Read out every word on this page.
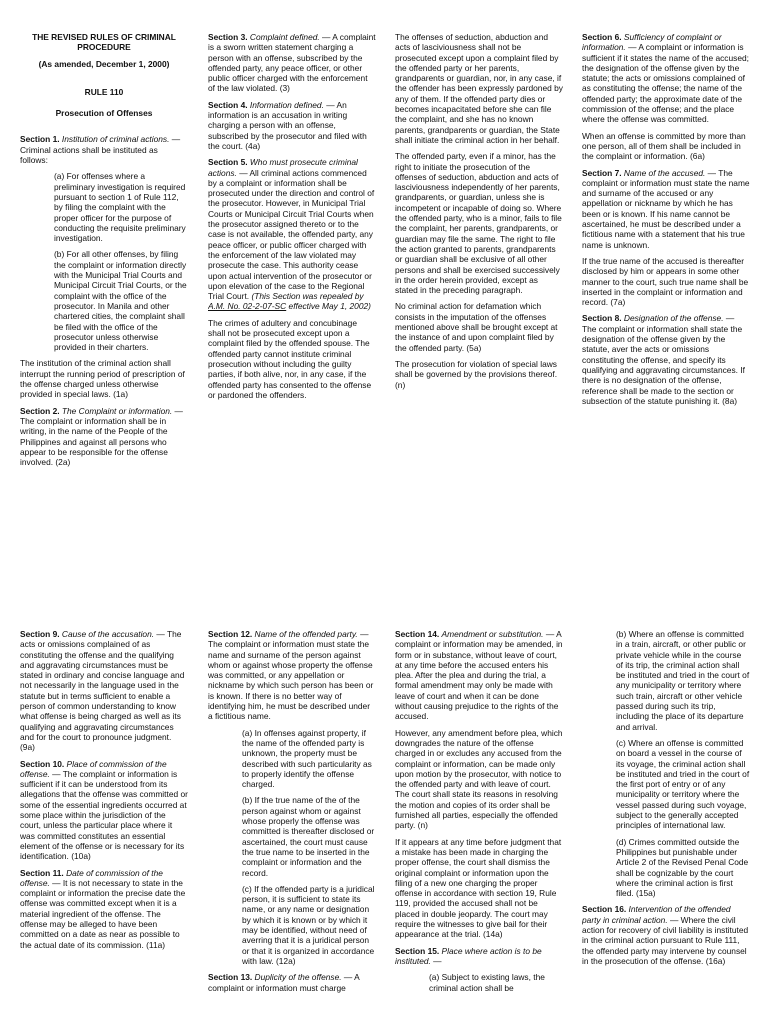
THE REVISED RULES OF CRIMINAL PROCEDURE

(As amended, December 1, 2000)

RULE 110

Prosecution of Offenses

Section 1. Institution of criminal actions. — Criminal actions shall be instituted as follows:

(a) For offenses where a preliminary investigation is required pursuant to section 1 of Rule 112, by filing the complaint with the proper officer for the purpose of conducting the requisite preliminary investigation.

(b) For all other offenses, by filing the complaint or information directly with the Municipal Trial Courts and Municipal Circuit Trial Courts, or the complaint with the office of the prosecutor. In Manila and other chartered cities, the complaint shall be filed with the office of the prosecutor unless otherwise provided in their charters.

The institution of the criminal action shall interrupt the running period of prescription of the offense charged unless otherwise provided in special laws. (1a)

Section 2. The Complaint or information. — The complaint or information shall be in writing, in the name of the People of the Philippines and against all persons who appear to be responsible for the offense involved. (2a)

Section 3. Complaint defined. — A complaint is a sworn written statement charging a person with an offense, subscribed by the offended party, any peace officer, or other public officer charged with the enforcement of the law violated. (3)

Section 4. Information defined. — An information is an accusation in writing charging a person with an offense, subscribed by the prosecutor and filed with the court. (4a)

Section 5. Who must prosecute criminal actions. — All criminal actions commenced by a complaint or information shall be prosecuted under the direction and control of the prosecutor. However, in Municipal Trial Courts or Municipal Circuit Trial Courts when the prosecutor assigned thereto or to the case is not available, the offended party, any peace officer, or public officer charged with the enforcement of the law violated may prosecute the case. This authority cease upon actual intervention of the prosecutor or upon elevation of the case to the Regional Trial Court. (This Section was repealed by A.M. No. 02-2-07-SC effective May 1, 2002)

The crimes of adultery and concubinage shall not be prosecuted except upon a complaint filed by the offended spouse. The offended party cannot institute criminal prosecution without including the guilty parties, if both alive, nor, in any case, if the offended party has consented to the offense or pardoned the offenders.

The offenses of seduction, abduction and acts of lasciviousness shall not be prosecuted except upon a complaint filed by the offended party or her parents, grandparents or guardian, nor, in any case, if the offender has been expressly pardoned by any of them. If the offended party dies or becomes incapacitated before she can file the complaint, and she has no known parents, grandparents or guardian, the State shall initiate the criminal action in her behalf.

The offended party, even if a minor, has the right to initiate the prosecution of the offenses of seduction, abduction and acts of lasciviousness independently of her parents, grandparents, or guardian, unless she is incompetent or incapable of doing so. Where the offended party, who is a minor, fails to file the complaint, her parents, grandparents, or guardian may file the same. The right to file the action granted to parents, grandparents or guardian shall be exclusive of all other persons and shall be exercised successively in the order herein provided, except as stated in the preceding paragraph.

No criminal action for defamation which consists in the imputation of the offenses mentioned above shall be brought except at the instance of and upon complaint filed by the offended party. (5a)

The prosecution for violation of special laws shall be governed by the provisions thereof. (n)

Section 6. Sufficiency of complaint or information. — A complaint or information is sufficient if it states the name of the accused; the designation of the offense given by the statute; the acts or omissions complained of as constituting the offense; the name of the offended party; the approximate date of the commission of the offense; and the place where the offense was committed.

When an offense is committed by more than one person, all of them shall be included in the complaint or information. (6a)

Section 7. Name of the accused. — The complaint or information must state the name and surname of the accused or any appellation or nickname by which he has been or is known. If his name cannot be ascertained, he must be described under a fictitious name with a statement that his true name is unknown.

If the true name of the accused is thereafter disclosed by him or appears in some other manner to the court, such true name shall be inserted in the complaint or information and record. (7a)

Section 8. Designation of the offense. — The complaint or information shall state the designation of the offense given by the statute, aver the acts or omissions constituting the offense, and specify its qualifying and aggravating circumstances. If there is no designation of the offense, reference shall be made to the section or subsection of the statute punishing it. (8a)

Section 9. Cause of the accusation. — The acts or omissions complained of as constituting the offense and the qualifying and aggravating circumstances must be stated in ordinary and concise language and not necessarily in the language used in the statute but in terms sufficient to enable a person of common understanding to know what offense is being charged as well as its qualifying and aggravating circumstances and for the court to pronounce judgment. (9a)

Section 10. Place of commission of the offense. — The complaint or information is sufficient if it can be understood from its allegations that the offense was committed or some of the essential ingredients occurred at some place within the jurisdiction of the court, unless the particular place where it was committed constitutes an essential element of the offense or is necessary for its identification. (10a)

Section 11. Date of commission of the offense. — It is not necessary to state in the complaint or information the precise date the offense was committed except when it is a material ingredient of the offense. The offense may be alleged to have been committed on a date as near as possible to the actual date of its commission. (11a)

Section 12. Name of the offended party. — The complaint or information must state the name and surname of the person against whom or against whose property the offense was committed, or any appellation or nickname by which such person has been or is known. If there is no better way of identifying him, he must be described under a fictitious name.

(a) In offenses against property, if the name of the offended party is unknown, the property must be described with such particularity as to properly identify the offense charged.

(b) If the true name of the of the person against whom or against whose properly the offense was committed is thereafter disclosed or ascertained, the court must cause the true name to be inserted in the complaint or information and the record.

(c) If the offended party is a juridical person, it is sufficient to state its name, or any name or designation by which it is known or by which it may be identified, without need of averring that it is a juridical person or that it is organized in accordance with law. (12a)

Section 13. Duplicity of the offense. — A complaint or information must charge

Section 14. Amendment or substitution. — A complaint or information may be amended, in form or in substance, without leave of court, at any time before the accused enters his plea. After the plea and during the trial, a formal amendment may only be made with leave of court and when it can be done without causing prejudice to the rights of the accused.

However, any amendment before plea, which downgrades the nature of the offense charged in or excludes any accused from the complaint or information, can be made only upon motion by the prosecutor, with notice to the offended party and with leave of court. The court shall state its reasons in resolving the motion and copies of its order shall be furnished all parties, especially the offended party. (n)

If it appears at any time before judgment that a mistake has been made in charging the proper offense, the court shall dismiss the original complaint or information upon the filing of a new one charging the proper offense in accordance with section 19, Rule 119, provided the accused shall not be placed in double jeopardy. The court may require the witnesses to give bail for their appearance at the trial. (14a)

Section 15. Place where action is to be instituted. —

(a) Subject to existing laws, the criminal action shall be

(b) Where an offense is committed in a train, aircraft, or other public or private vehicle while in the course of its trip, the criminal action shall be instituted and tried in the court of any municipality or territory where such train, aircraft or other vehicle passed during such its trip, including the place of its departure and arrival.

(c) Where an offense is committed on board a vessel in the course of its voyage, the criminal action shall be instituted and tried in the court of the first port of entry or of any municipality or territory where the vessel passed during such voyage, subject to the generally accepted principles of international law.

(d) Crimes committed outside the Philippines but punishable under Article 2 of the Revised Penal Code shall be cognizable by the court where the criminal action is first filed. (15a)

Section 16. Intervention of the offended party in criminal action. — Where the civil action for recovery of civil liability is instituted in the criminal action pursuant to Rule 111, the offended party may intervene by counsel in the prosecution of the offense. (16a)
